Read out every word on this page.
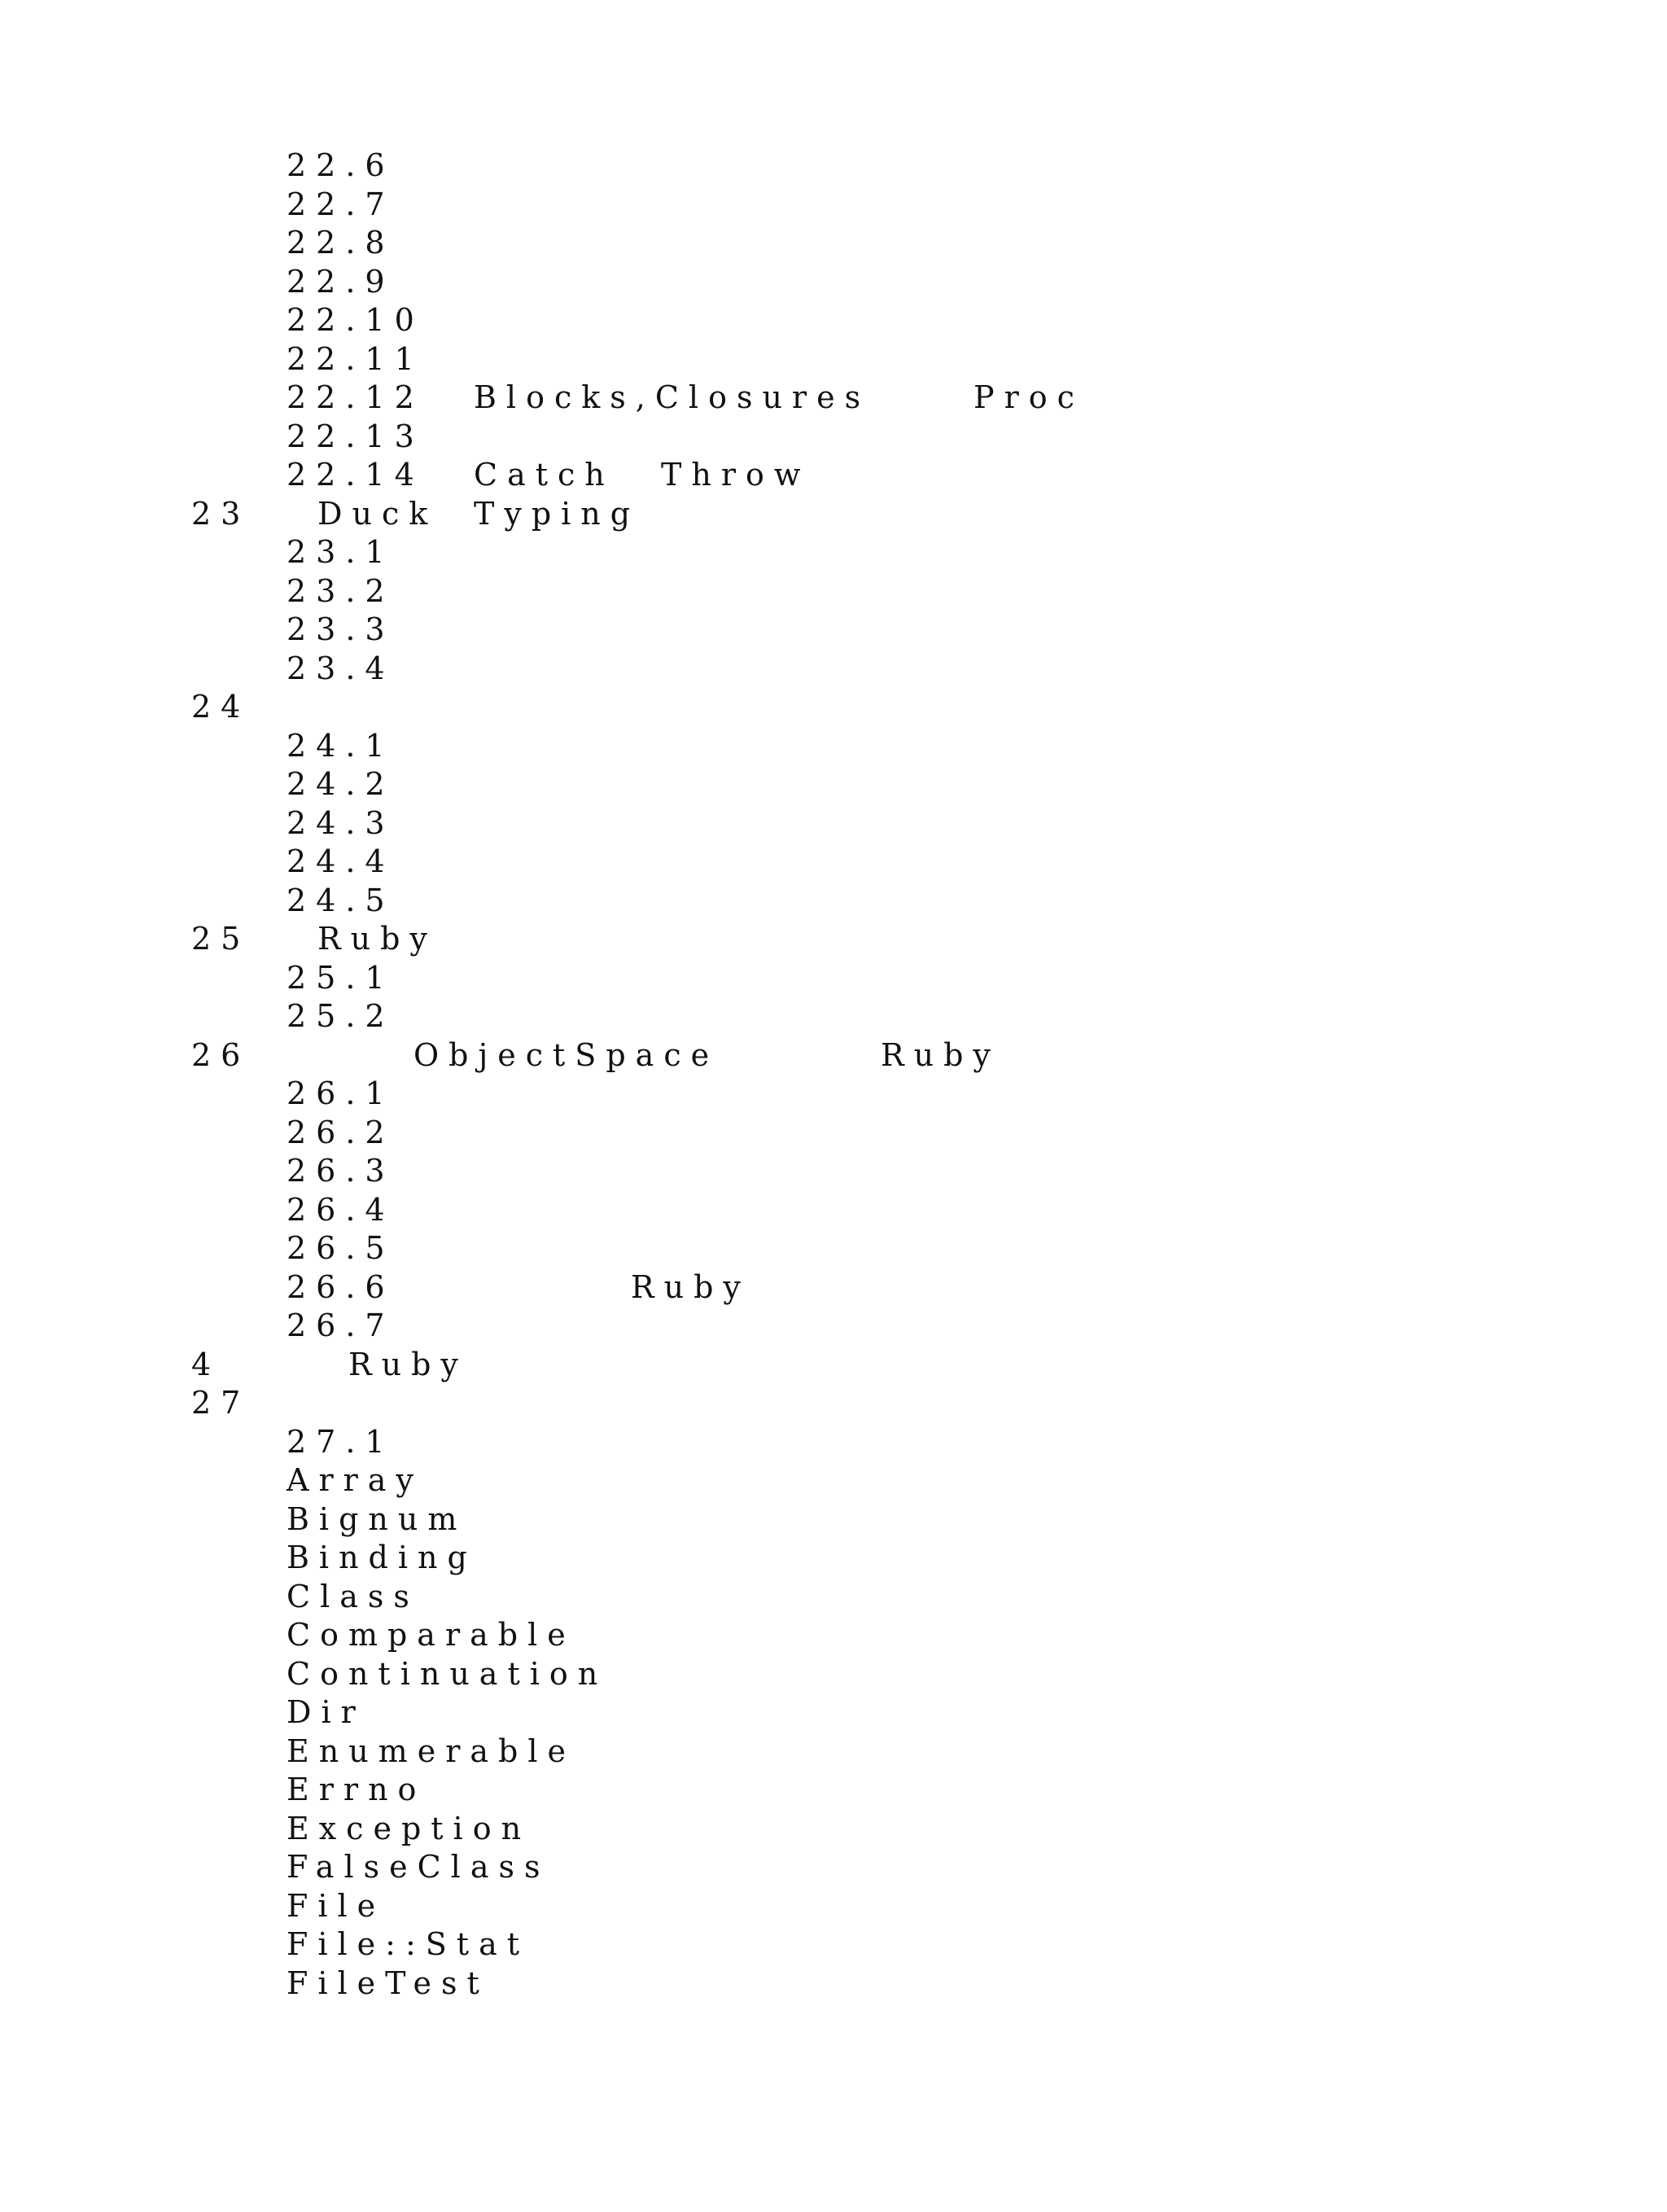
22.6
22.7
22.8
22.9
22.10
22.11
22.12 Blocks,Closures	Proc
22.13
22.14 Catch Throw
23 Duck Typing
23.1
23.2
23.3
23.4
24
24.1
24.2
24.3
24.4
24.5
25 Ruby
25.1
25.2
26	ObjectSpace	Ruby
26.1
26.2
26.3
26.4
26.5
26.6	Ruby
26.7
4	Ruby
27
27.1
Array
Bignum
Binding
Class
Comparable
Continuation
Dir
Enumerable
Errno
Exception
FalseClass
File
File::Stat
FileTest
